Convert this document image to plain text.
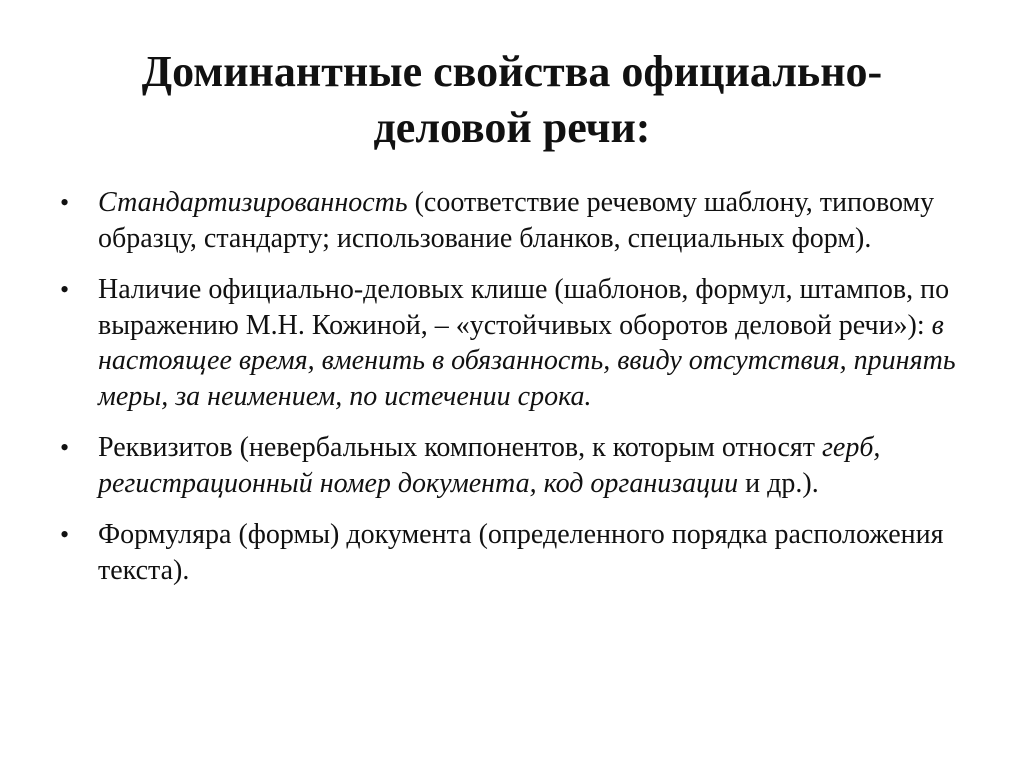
Доминантные свойства официально-деловой речи:
• Стандартизированность (соответствие речевому шаблону, типовому образцу, стандарту; использование бланков, специальных форм).
• Наличие официально-деловых клише (шаблонов, формул, штампов, по выражению М.Н. Кожиной, – «устойчивых оборотов деловой речи»): в настоящее время, вменить в обязанность, ввиду отсутствия, принять меры, за неимением, по истечении срока.
• Реквизитов (невербальных компонентов, к которым относят герб, регистрационный номер документа, код организации и др.).
• Формуляра (формы) документа (определенного порядка расположения текста).
